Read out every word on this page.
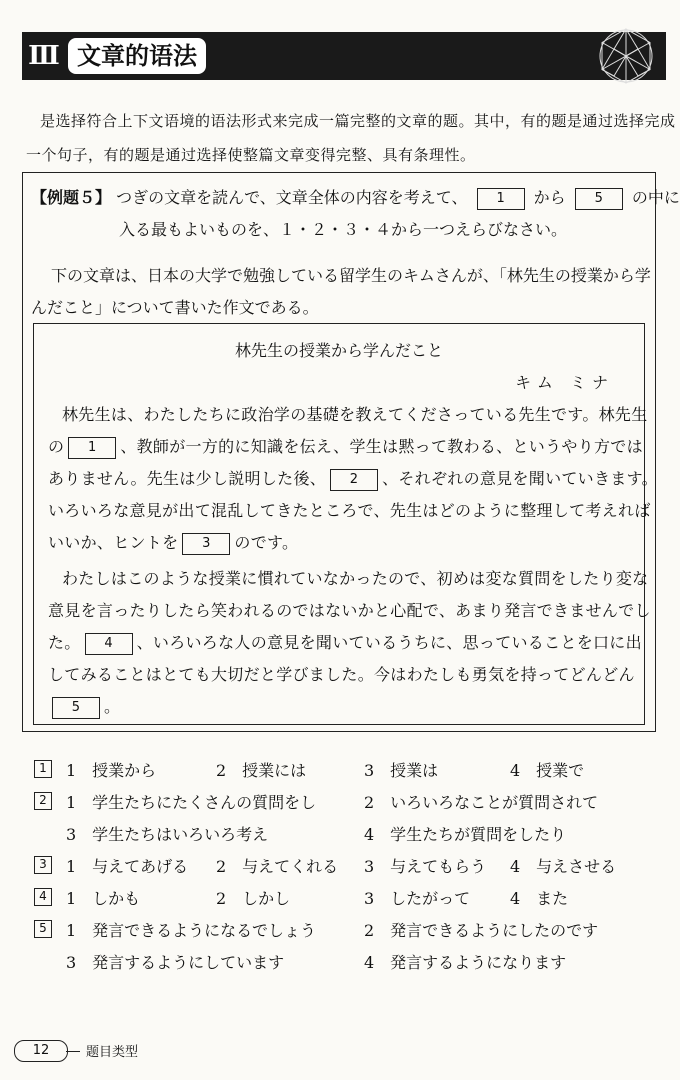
Ⅲ 文章的语法

是选择符合上下文语境的语法形式来完成一篇完整的文章的题。其中，有的题是通过选择完成

一个句子，有的题是通过选择使整篇文章变得完整、具有条理性。

【例题５】 つぎの文章を読んで、文章全体の内容を考えて、 1 から 5 の中に
入る最もよいものを、１・２・３・４から一つえらびなさい。
下の文章は、日本の大学で勉強している留学生のキムさんが、「林先生の授業から学
んだこと」について書いた作文である。
林先生の授業から学んだこと
キム ミナ
林先生は、わたしたちに政治学の基礎を教えてくださっている先生です。林先生
の 1 、教師が一方的に知識を伝え、学生は黙って教わる、というやり方では
ありません。先生は少し説明した後、 2 、それぞれの意見を聞いていきます。
いろいろな意見が出て混乱してきたところで、先生はどのように整理して考えれば
いいか、ヒントを 3 のです。
わたしはこのような授業に慣れていなかったので、初めは変な質問をしたり変な
意見を言ったりしたら笑われるのではないかと心配で、あまり発言できませんでし
た。 4 、いろいろな人の意見を聞いているうちに、思っていることを口に出
してみることはとても大切だと学びました。今はわたしも勇気を持ってどんどん
5 。
1	1　授業から	2　授業には	3　授業は	4　授業で
2	1　学生たちにたくさんの質問をし	2　いろいろなことが質問されて
3　学生たちはいろいろ考え	4　学生たちが質問をしたり
3	1　与えてあげる 2　与えてくれる 3　与えてもらう 4　与えさせる
4	1　しかも	2　しかし	3　したがって 4　また
5	1　発言できるようになるでしょう	2　発言できるようにしたのです
3　発言するようにしています	4　発言するようになります
12	题目类型
